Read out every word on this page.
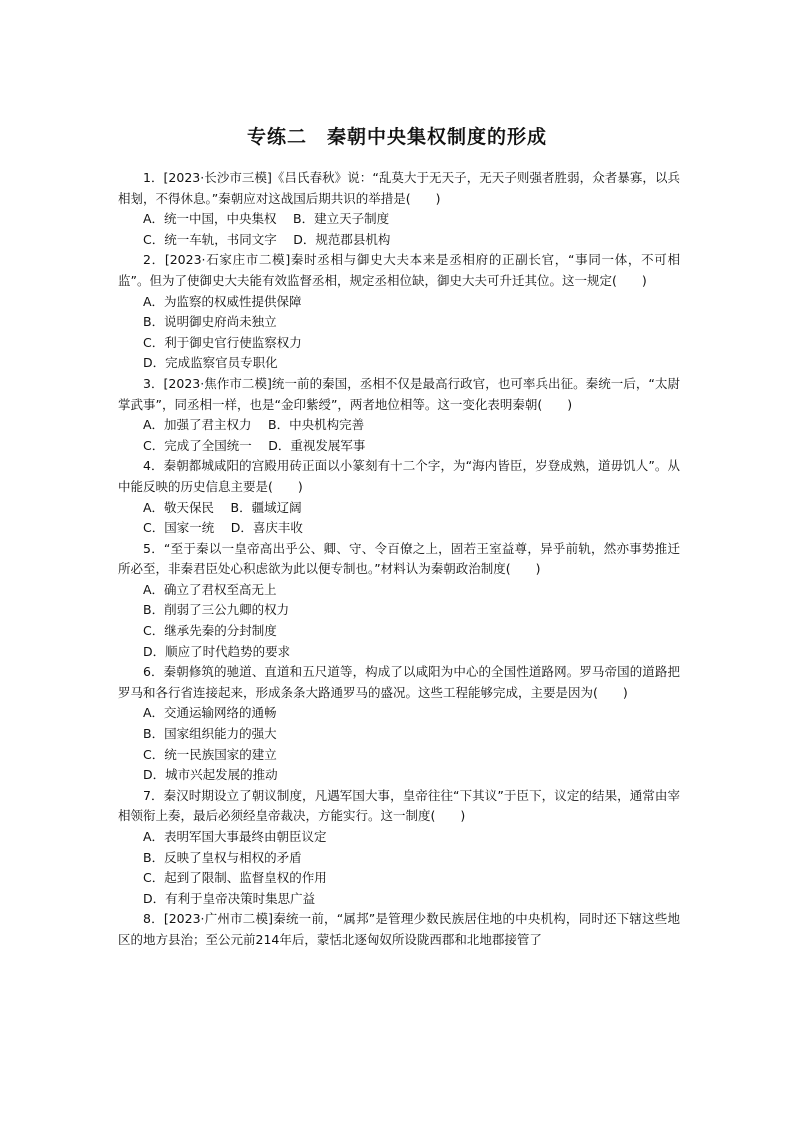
专练二　秦朝中央集权制度的形成

1．[2023·长沙市三模]《吕氏春秋》说：“乱莫大于无天子，无天子则强者胜弱，众者暴寡，以兵相刬，不得休息。”秦朝应对这战国后期共识的举措是(　　)

A．统一中国，中央集权　 B．建立天子制度

C．统一车轨，书同文字　 D．规范郡县机构

2．[2023·石家庄市二模]秦时丞相与御史大夫本来是丞相府的正副长官，“事同一体，不可相监”。但为了使御史大夫能有效监督丞相，规定丞相位缺，御史大夫可升迁其位。这一规定(　　)

A．为监察的权威性提供保障

B．说明御史府尚未独立

C．利于御史官行使监察权力

D．完成监察官员专职化

3．[2023·焦作市二模]统一前的秦国，丞相不仅是最高行政官，也可率兵出征。秦统一后，“太尉掌武事”，同丞相一样，也是“金印紫绶”，两者地位相等。这一变化表明秦朝(　　)

A．加强了君主权力　 B．中央机构完善

C．完成了全国统一　 D．重视发展军事

4．秦朝都城咸阳的宫殿用砖正面以小篆刻有十二个字，为“海内皆臣，岁登成熟，道毋饥人”。从中能反映的历史信息主要是(　　)

A．敬天保民　 B．疆域辽阔

C．国家一统　 D．喜庆丰收

5．“至于秦以一皇帝高出乎公、卿、守、令百僚之上，固若王室益尊，异乎前轨，然亦事势推迁所必至，非秦君臣处心积虑欲为此以便专制也。”材料认为秦朝政治制度(　　)

A．确立了君权至高无上

B．削弱了三公九卿的权力

C．继承先秦的分封制度

D．顺应了时代趋势的要求

6．秦朝修筑的驰道、直道和五尺道等，构成了以咸阳为中心的全国性道路网。罗马帝国的道路把罗马和各行省连接起来，形成条条大路通罗马的盛况。这些工程能够完成，主要是因为(　　)

A．交通运输网络的通畅

B．国家组织能力的强大

C．统一民族国家的建立

D．城市兴起发展的推动

7．秦汉时期设立了朝议制度，凡遇军国大事，皇帝往往“下其议”于臣下，议定的结果，通常由宰相领衔上奏，最后必须经皇帝裁决，方能实行。这一制度(　　)

A．表明军国大事最终由朝臣议定

B．反映了皇权与相权的矛盾

C．起到了限制、监督皇权的作用

D．有利于皇帝决策时集思广益

8．[2023·广州市二模]秦统一前，“属邦”是管理少数民族居住地的中央机构，同时还下辖这些地区的地方县治；至公元前214年后，蒙恬北逐匈奴所设陇西郡和北地郡接管了
